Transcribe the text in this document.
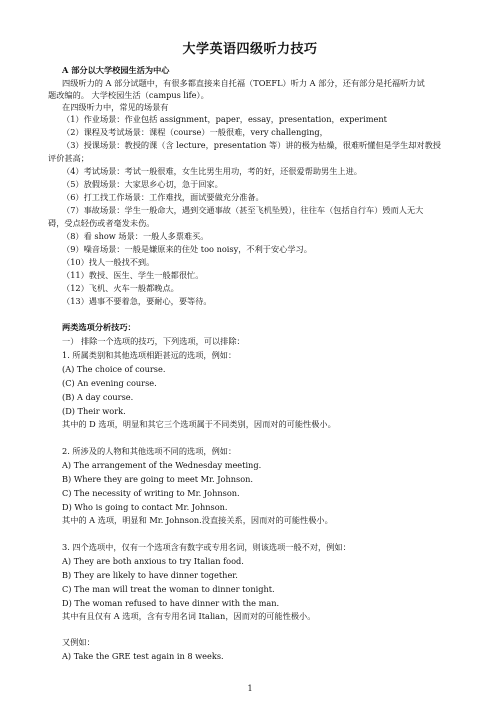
大学英语四级听力技巧
A 部分以大学校园生活为中心
四级听力的 A 部分试题中，有很多都直接来自托福（TOEFL）听力 A 部分，还有部分是托福听力试
题改编的。 大学校园生活（campus life）。
在四级听力中，常见的场景有
（1）作业场景：作业包括 assignment，paper，essay，presentation，experiment
（2）课程及考试场景：课程（course）一般很难，very challenging，
（3）授课场景：教授的课（含 lecture，presentation 等）讲的极为枯燥，很难听懂但是学生却对教授
评价甚高；
（4）考试场景：考试一般很难，女生比男生用功，考的好，还很爱帮助男生上进。
（5）放假场景：大家思乡心切，急于回家。
（6）打工找工作场景：工作难找，面试要做充分准备。
（7）事故场景：学生一般命大，遇到交通事故（甚至飞机坠毁），往往车（包括自行车）毁而人无大
碍，受点轻伤或者毫发未伤。
（8）看 show 场景：一般人多票难买。
（9）噪音场景：一般是嫌原来的住处 too noisy，不利于安心学习。
（10）找人一般找不到。
（11）教授、医生、学生一般都很忙。
（12）飞机、火车一般都晚点。
（13）遇事不要着急，要耐心，要等待。
两类选项分析技巧：
一） 排除一个选项的技巧，下列选项，可以排除：
1. 所属类别和其他选项相距甚远的选项，例如：
(A) The choice of course.
(C) An evening course.
(B) A day course.
(D) Their work.
其中的 D 选项，明显和其它三个选项属于不同类别，因而对的可能性极小。
2. 所涉及的人物和其他选项不同的选项，例如：
A) The arrangement of the Wednesday meeting.
B) Where they are going to meet Mr. Johnson.
C) The necessity of writing to Mr. Johnson.
D) Who is going to contact Mr. Johnson.
其中的 A 选项，明显和 Mr. Johnson.没直接关系，因而对的可能性极小。
3. 四个选项中，仅有一个选项含有数字或专用名词，则该选项一般不对，例如：
A) They are both anxious to try Italian food.
B) They are likely to have dinner together.
C) The man will treat the woman to dinner tonight.
D) The woman refused to have dinner with the man.
其中有且仅有 A 选项，含有专用名词 Italian，因而对的可能性极小。
又例如：
A) Take the GRE test again in 8 weeks.
1
